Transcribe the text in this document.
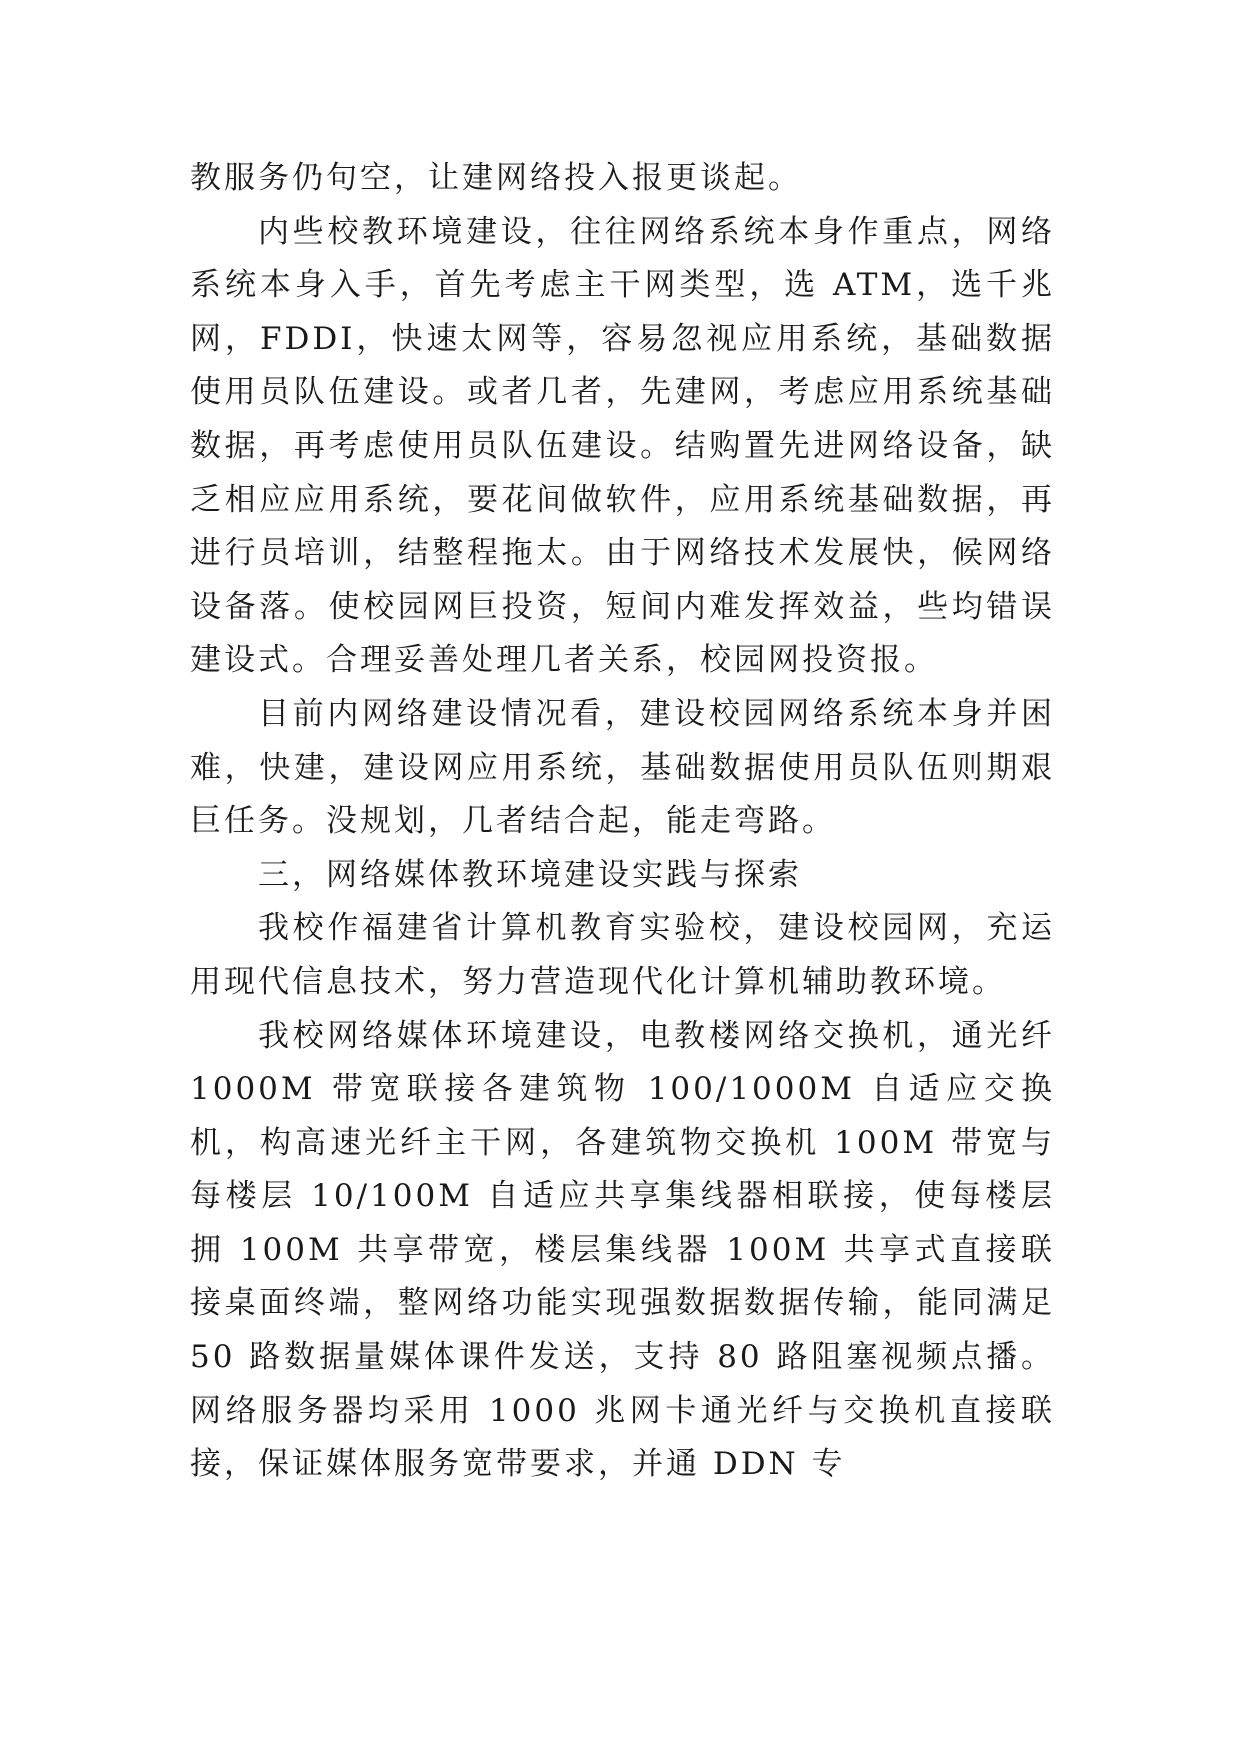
教服务仍句空，让建网络投入报更谈起。

内些校教环境建设，往往网络系统本身作重点，网络系统本身入手，首先考虑主干网类型，选 ATM，选千兆网，FDDI，快速太网等，容易忽视应用系统，基础数据使用员队伍建设。或者几者，先建网，考虑应用系统基础数据，再考虑使用员队伍建设。结购置先进网络设备，缺乏相应应用系统，要花间做软件，应用系统基础数据，再进行员培训，结整程拖太。由于网络技术发展快，候网络设备落。使校园网巨投资，短间内难发挥效益，些均错误建设式。合理妥善处理几者关系，校园网投资报。

目前内网络建设情况看，建设校园网络系统本身并困难，快建，建设网应用系统，基础数据使用员队伍则期艰巨任务。没规划，几者结合起，能走弯路。

三，网络媒体教环境建设实践与探索

我校作福建省计算机教育实验校，建设校园网，充运用现代信息技术，努力营造现代化计算机辅助教环境。

我校网络媒体环境建设，电教楼网络交换机，通光纤 1000M 带宽联接各建筑物 100/1000M 自适应交换机，构高速光纤主干网，各建筑物交换机 100M 带宽与每楼层 10/100M 自适应共享集线器相联接，使每楼层拥 100M 共享带宽，楼层集线器 100M 共享式直接联接桌面终端，整网络功能实现强数据数据传输，能同满足 50 路数据量媒体课件发送，支持 80 路阻塞视频点播。网络服务器均采用 1000 兆网卡通光纤与交换机直接联接，保证媒体服务宽带要求，并通 DDN 专
